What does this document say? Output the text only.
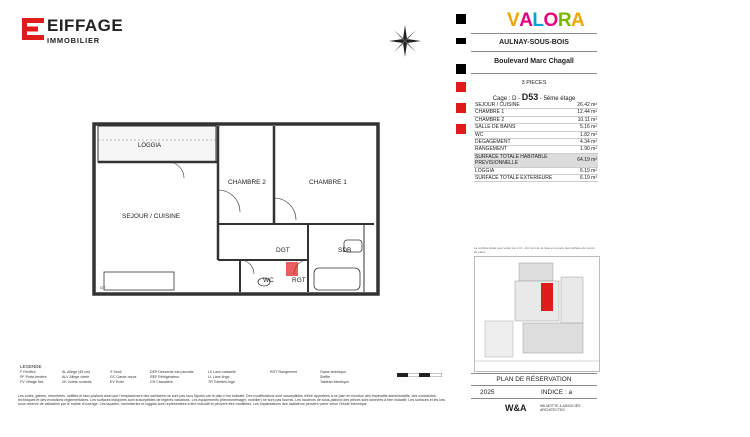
EIFFAGE
IMMOBILIER
VALORA
AULNAY-SOUS-BOIS
Boulevard Marc Chagall
3 PIECES
Cage : D - D53 - 5ème étage
SEJOUR / CUISINE	26.42 m²
CHAMBRE 1	12.44 m²
CHAMBRE 2	10.11 m²
SALLE DE BAINS	5.16 m²
WC	1.82 m²
DEGAGEMENT	4.34 m²
RANGEMENT	1.90 m²
SURFACE TOTALE HABITABLE PREVISIONNELLE	64.19 m²
LOGGIA	6.19 m²
SURFACE TOTALE EXTERIEURE	6.19 m²
La surface totale peut varier de 1 m² - 2m² lors de la mise en œuvre des surfaces de rendu de plans
PLAN DE RÉSERVATION
2025	INDICE : a
W&A	WILMOTTE & ASSOCIÉS ARCHITECTES
LOGGIA
SEJOUR / CUISINE
CHAMBRE 2	CHAMBRE 1
DGT	SDB
WC	RGT
GT
LEGENDE
F Fenêtre
PF Porte-fenêtre
FV Vitrage fixe
AL Allège (45 cm)
ALV Allège vitrée
VK Volets roulants
S Seuil
GC Garde-corps
EV Evier
DEP Descente eau pluviale
REF Réfrigérateur
CH Chaudière
LV Lave-vaisselle
LL Lave-linge
TR Toilette/Linge
RGT Rangement	Gaine technique
Soffite
Tableau électrique
Les cotes, gaines, retombées, soffites et faux-plafond ainsi que l'emplacement des sanitaires ne sont pas tous figurés car le plan n'est indicatif. Des modifications sont susceptibles d'être apportées à ce plan en fonction des impératifs administratifs, des contraintes techniques et des évolutions réglementaires. Les surfaces indiquées sont susceptibles de légères variations. Les équipements (électroménager, mobilier) ne sont pas fournis. Les hauteurs de sous-plafond des pièces sont données à titre indicatif. Les surfaces et les lots sous réserve de validation par le maître d'ouvrage. Les façades, menuiseries et loggias sont représentées à titre indicatif et peuvent être modifiées. Les implantations des radiateurs peuvent varier selon l'étude thermique.
